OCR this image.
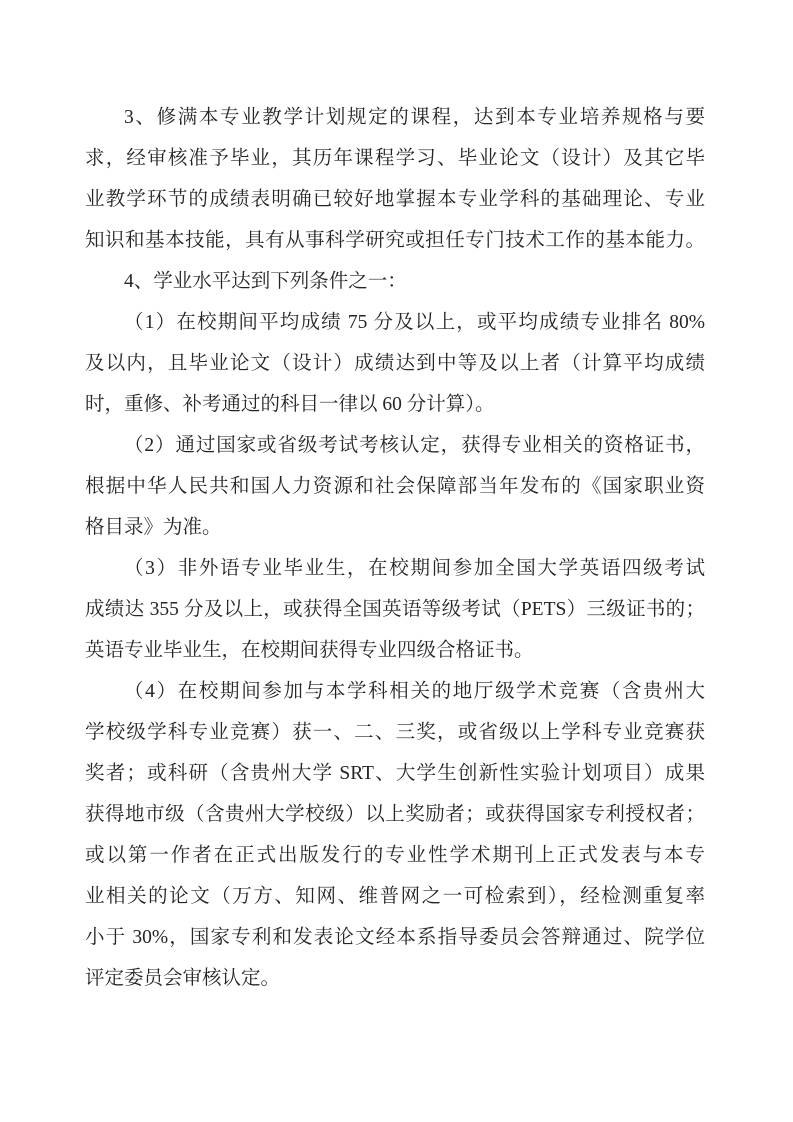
3、修满本专业教学计划规定的课程，达到本专业培养规格与要
求，经审核准予毕业，其历年课程学习、毕业论文（设计）及其它毕
业教学环节的成绩表明确已较好地掌握本专业学科的基础理论、专业
知识和基本技能，具有从事科学研究或担任专门技术工作的基本能力。
4、学业水平达到下列条件之一：
（1）在校期间平均成绩 75 分及以上，或平均成绩专业排名 80%
及以内，且毕业论文（设计）成绩达到中等及以上者（计算平均成绩
时，重修、补考通过的科目一律以 60 分计算）。
（2）通过国家或省级考试考核认定，获得专业相关的资格证书，
根据中华人民共和国人力资源和社会保障部当年发布的《国家职业资
格目录》为准。
（3）非外语专业毕业生，在校期间参加全国大学英语四级考试
成绩达 355 分及以上，或获得全国英语等级考试（PETS）三级证书的；
英语专业毕业生，在校期间获得专业四级合格证书。
（4）在校期间参加与本学科相关的地厅级学术竞赛（含贵州大
学校级学科专业竞赛）获一、二、三奖，或省级以上学科专业竞赛获
奖者；或科研（含贵州大学 SRT、大学生创新性实验计划项目）成果
获得地市级（含贵州大学校级）以上奖励者；或获得国家专利授权者；
或以第一作者在正式出版发行的专业性学术期刊上正式发表与本专
业相关的论文（万方、知网、维普网之一可检索到），经检测重复率
小于 30%，国家专利和发表论文经本系指导委员会答辩通过、院学位
评定委员会审核认定。
